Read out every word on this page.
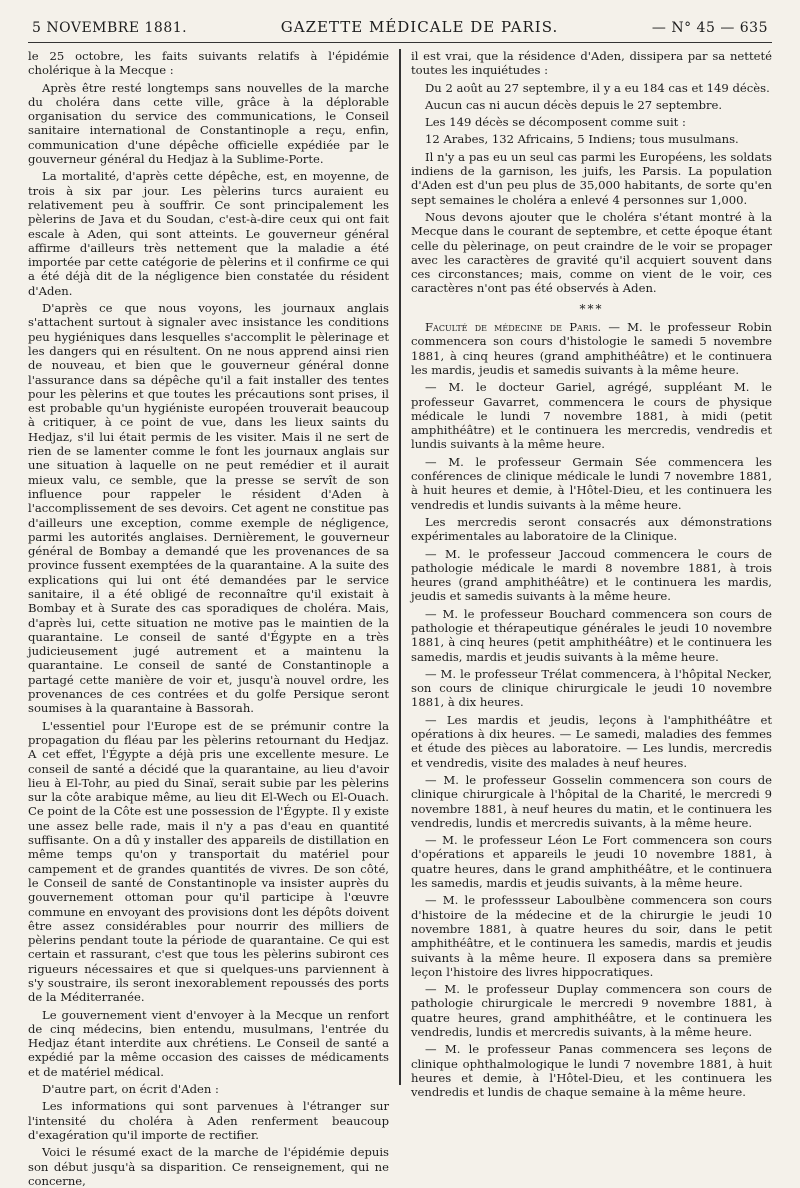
5 NOVEMBRE 1881.	GAZETTE MÉDICALE DE PARIS.	— N° 45 — 635

le 25 octobre, les faits suivants relatifs à l'épidémie cholérique à la Mecque :

Après être resté longtemps sans nouvelles de la marche du choléra dans cette ville, grâce à la déplorable organisation du service des communications, le Conseil sanitaire international de Constantinople a reçu, enfin, communication d'une dépêche officielle expédiée par le gouverneur général du Hedjaz à la Sublime-Porte.

La mortalité, d'après cette dépêche, est, en moyenne, de trois à six par jour. Les pèlerins turcs auraient eu relativement peu à souffrir. Ce sont principalement les pèlerins de Java et du Soudan, c'est-à-dire ceux qui ont fait escale à Aden, qui sont atteints. Le gouverneur général affirme d'ailleurs très nettement que la maladie a été importée par cette catégorie de pèlerins et il confirme ce qui a été déjà dit de la négligence bien constatée du résident d'Aden.

D'après ce que nous voyons, les journaux anglais s'attachent surtout à signaler avec insistance les conditions peu hygiéniques dans lesquelles s'accomplit le pèlerinage et les dangers qui en résultent. On ne nous apprend ainsi rien de nouveau, et bien que le gouverneur général donne l'assurance dans sa dépêche qu'il a fait installer des tentes pour les pèlerins et que toutes les précautions sont prises, il est probable qu'un hygiéniste européen trouverait beaucoup à critiquer, à ce point de vue, dans les lieux saints du Hedjaz, s'il lui était permis de les visiter. Mais il ne sert de rien de se lamenter comme le font les journaux anglais sur une situation à laquelle on ne peut remédier et il aurait mieux valu, ce semble, que la presse se servît de son influence pour rappeler le résident d'Aden à l'accomplissement de ses devoirs. Cet agent ne constitue pas d'ailleurs une exception, comme exemple de négligence, parmi les autorités anglaises. Dernièrement, le gouverneur général de Bombay a demandé que les provenances de sa province fussent exemptées de la quarantaine. A la suite des explications qui lui ont été demandées par le service sanitaire, il a été obligé de reconnaître qu'il existait à Bombay et à Surate des cas sporadiques de choléra. Mais, d'après lui, cette situation ne motive pas le maintien de la quarantaine. Le conseil de santé d'Égypte en a très judicieusement jugé autrement et a maintenu la quarantaine. Le conseil de santé de Constantinople a partagé cette manière de voir et, jusqu'à nouvel ordre, les provenances de ces contrées et du golfe Persique seront soumises à la quarantaine à Bassorah.

L'essentiel pour l'Europe est de se prémunir contre la propagation du fléau par les pèlerins retournant du Hedjaz. A cet effet, l'Égypte a déjà pris une excellente mesure. Le conseil de santé a décidé que la quarantaine, au lieu d'avoir lieu à El-Tohr, au pied du Sinaï, serait subie par les pèlerins sur la côte arabique même, au lieu dit El-Wech ou El-Ouach. Ce point de la Côte est une possession de l'Égypte. Il y existe une assez belle rade, mais il n'y a pas d'eau en quantité suffisante. On a dû y installer des appareils de distillation en même temps qu'on y transportait du matériel pour campement et de grandes quantités de vivres. De son côté, le Conseil de santé de Constantinople va insister auprès du gouvernement ottoman pour qu'il participe à l'œuvre commune en envoyant des provisions dont les dépôts doivent être assez considérables pour nourrir des milliers de pèlerins pendant toute la période de quarantaine. Ce qui est certain et rassurant, c'est que tous les pèlerins subiront ces rigueurs nécessaires et que si quelques-uns parviennent à s'y soustraire, ils seront inexorablement repoussés des ports de la Méditerranée.

Le gouvernement vient d'envoyer à la Mecque un renfort de cinq médecins, bien entendu, musulmans, l'entrée du Hedjaz étant interdite aux chrétiens. Le Conseil de santé a expédié par la même occasion des caisses de médicaments et de matériel médical.

D'autre part, on écrit d'Aden :

Les informations qui sont parvenues à l'étranger sur l'intensité du choléra à Aden renferment beaucoup d'exagération qu'il importe de rectifier.

Voici le résumé exact de la marche de l'épidémie depuis son début jusqu'à sa disparition. Ce renseignement, qui ne concerne,

il est vrai, que la résidence d'Aden, dissipera par sa netteté toutes les inquiétudes :

Du 2 août au 27 septembre, il y a eu 184 cas et 149 décès.

Aucun cas ni aucun décès depuis le 27 septembre.

Les 149 décès se décomposent comme suit :

12 Arabes, 132 Africains, 5 Indiens; tous musulmans.

Il n'y a pas eu un seul cas parmi les Européens, les soldats indiens de la garnison, les juifs, les Parsis. La population d'Aden est d'un peu plus de 35,000 habitants, de sorte qu'en sept semaines le choléra a enlevé 4 personnes sur 1,000.

Nous devons ajouter que le choléra s'étant montré à la Mecque dans le courant de septembre, et cette époque étant celle du pèlerinage, on peut craindre de le voir se propager avec les caractères de gravité qu'il acquiert souvent dans ces circonstances; mais, comme on vient de le voir, ces caractères n'ont pas été observés à Aden.

***

Faculté de médecine de Paris. — M. le professeur Robin commencera son cours d'histologie le samedi 5 novembre 1881, à cinq heures (grand amphithéâtre) et le continuera les mardis, jeudis et samedis suivants à la même heure.

— M. le docteur Gariel, agrégé, suppléant M. le professeur Gavarret, commencera le cours de physique médicale le lundi 7 novembre 1881, à midi (petit amphithéâtre) et le continuera les mercredis, vendredis et lundis suivants à la même heure.

— M. le professeur Germain Sée commencera les conférences de clinique médicale le lundi 7 novembre 1881, à huit heures et demie, à l'Hôtel-Dieu, et les continuera les vendredis et lundis suivants à la même heure.

Les mercredis seront consacrés aux démonstrations expérimentales au laboratoire de la Clinique.

— M. le professeur Jaccoud commencera le cours de pathologie médicale le mardi 8 novembre 1881, à trois heures (grand amphithéâtre) et le continuera les mardis, jeudis et samedis suivants à la même heure.

— M. le professeur Bouchard commencera son cours de pathologie et thérapeutique générales le jeudi 10 novembre 1881, à cinq heures (petit amphithéâtre) et le continuera les samedis, mardis et jeudis suivants à la même heure.

— M. le professeur Trélat commencera, à l'hôpital Necker, son cours de clinique chirurgicale le jeudi 10 novembre 1881, à dix heures.

— Les mardis et jeudis, leçons à l'amphithéâtre et opérations à dix heures. — Le samedi, maladies des femmes et étude des pièces au laboratoire. — Les lundis, mercredis et vendredis, visite des malades à neuf heures.

— M. le professeur Gosselin commencera son cours de clinique chirurgicale à l'hôpital de la Charité, le mercredi 9 novembre 1881, à neuf heures du matin, et le continuera les vendredis, lundis et mercredis suivants, à la même heure.

— M. le professeur Léon Le Fort commencera son cours d'opérations et appareils le jeudi 10 novembre 1881, à quatre heures, dans le grand amphithéâtre, et le continuera les samedis, mardis et jeudis suivants, à la même heure.

— M. le professseur Laboulbène commencera son cours d'histoire de la médecine et de la chirurgie le jeudi 10 novembre 1881, à quatre heures du soir, dans le petit amphithéâtre, et le continuera les samedis, mardis et jeudis suivants à la même heure. Il exposera dans sa première leçon l'histoire des livres hippocratiques.

— M. le professeur Duplay commencera son cours de pathologie chirurgicale le mercredi 9 novembre 1881, à quatre heures, grand amphithéâtre, et le continuera les vendredis, lundis et mercredis suivants, à la même heure.

— M. le professeur Panas commencera ses leçons de clinique ophthalmologique le lundi 7 novembre 1881, à huit heures et demie, à l'Hôtel-Dieu, et les continuera les vendredis et lundis de chaque semaine à la même heure.
